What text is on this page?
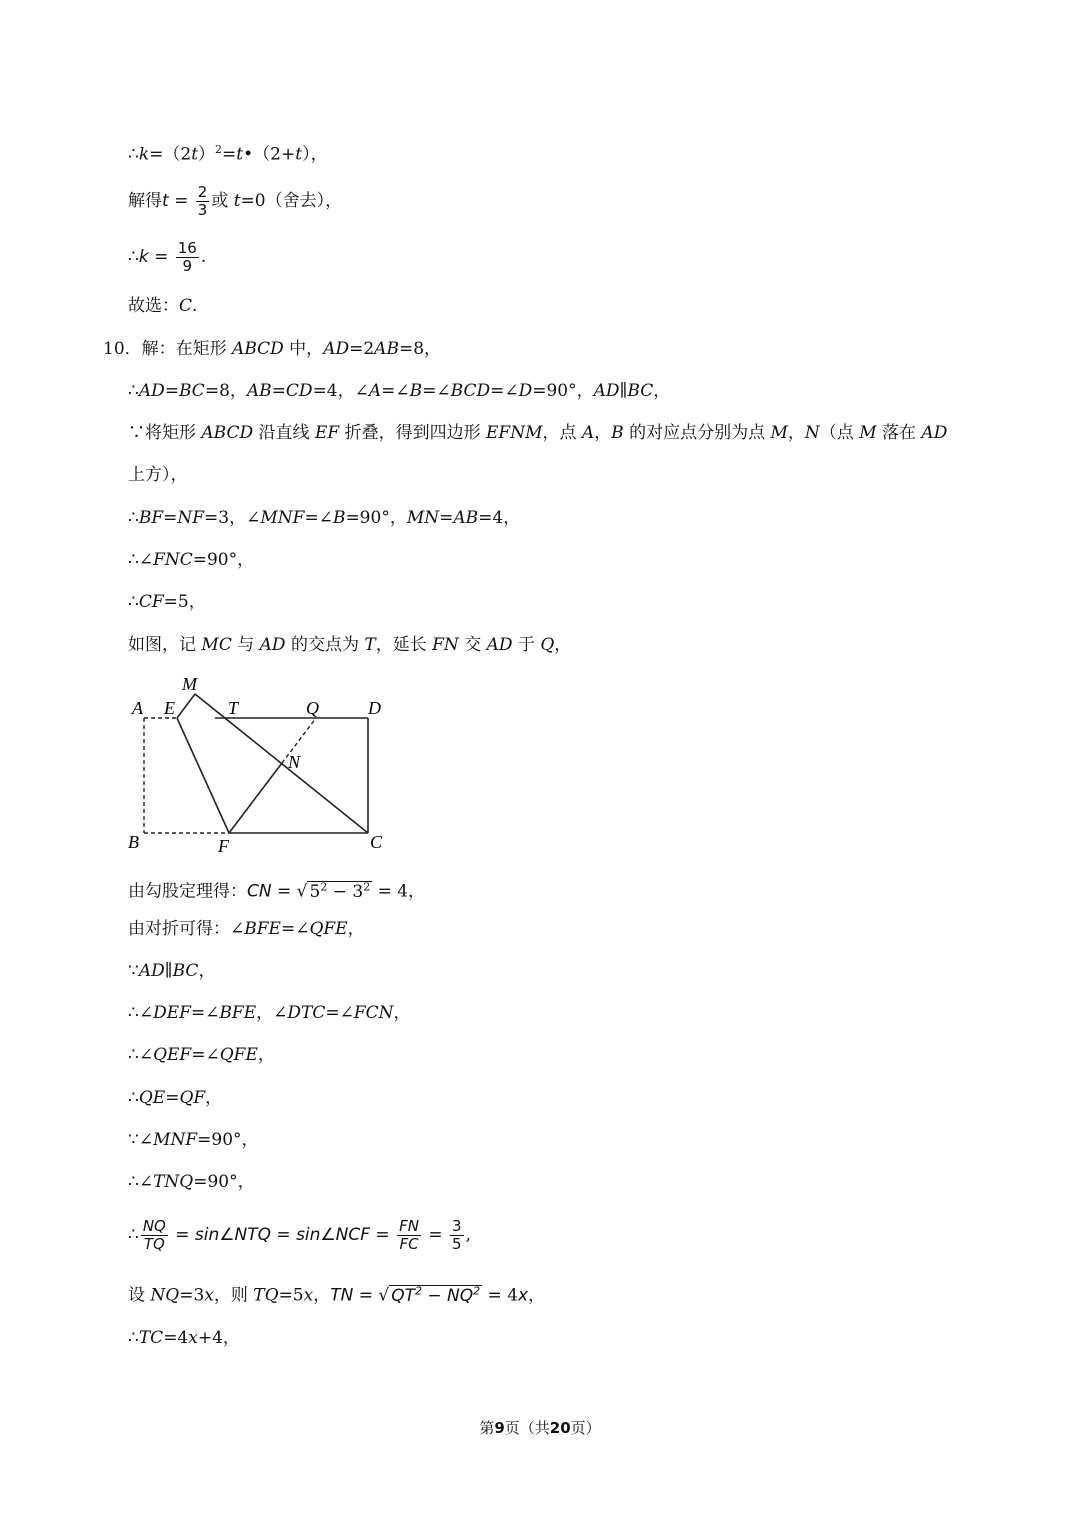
$\therefore k=(2t)^2=t•(2+t)$，
解得$t = \frac{2}{3}$ 或 t=0（舍去），
∴k = $\frac{16}{9}$ .
故选：C.
10．解：在矩形 ABCD 中，AD=2AB=8，
∴AD=BC=8，AB=CD=4，∠A=∠B=∠BCD=∠D=90°，AD∥BC，
∵将矩形 ABCD 沿直线 EF 折叠，得到四边形 EFNM，点 A，B 的对应点分别为点 M，N（点 M 落在 AD
上方），
∴BF=NF=3，∠MNF=∠B=90°，MN=AB=4，
∴∠FNC=90°，
∴CF=5，
如图，记 MC 与 AD 的交点为 T，延长 FN 交 AD 于 Q，
A E
M
T	Q	D
N
B	F	C
由勾股定理得：CN = √ $5^2 - 3^2 = 4$，
由对折可得：∠BFE=∠QFE，
∵AD∥BC，
∴∠DEF=∠BFE，∠DTC=∠FCN，
∴∠QEF=∠QFE，
∴QE=QF，
∵∠MNF=90°，
∴∠TNQ=90°，
∴ $\frac{NQ}{TQ}$ = sin∠NTQ = sin∠NCF = $\frac{FN}{FC} = \frac{3}{5}$ ,
设 NQ=3x，则 TQ=5x，TN = √ $QT^2 - NQ^2 = 4x$，
∴TC=4x+4，
第9页（共20页）
